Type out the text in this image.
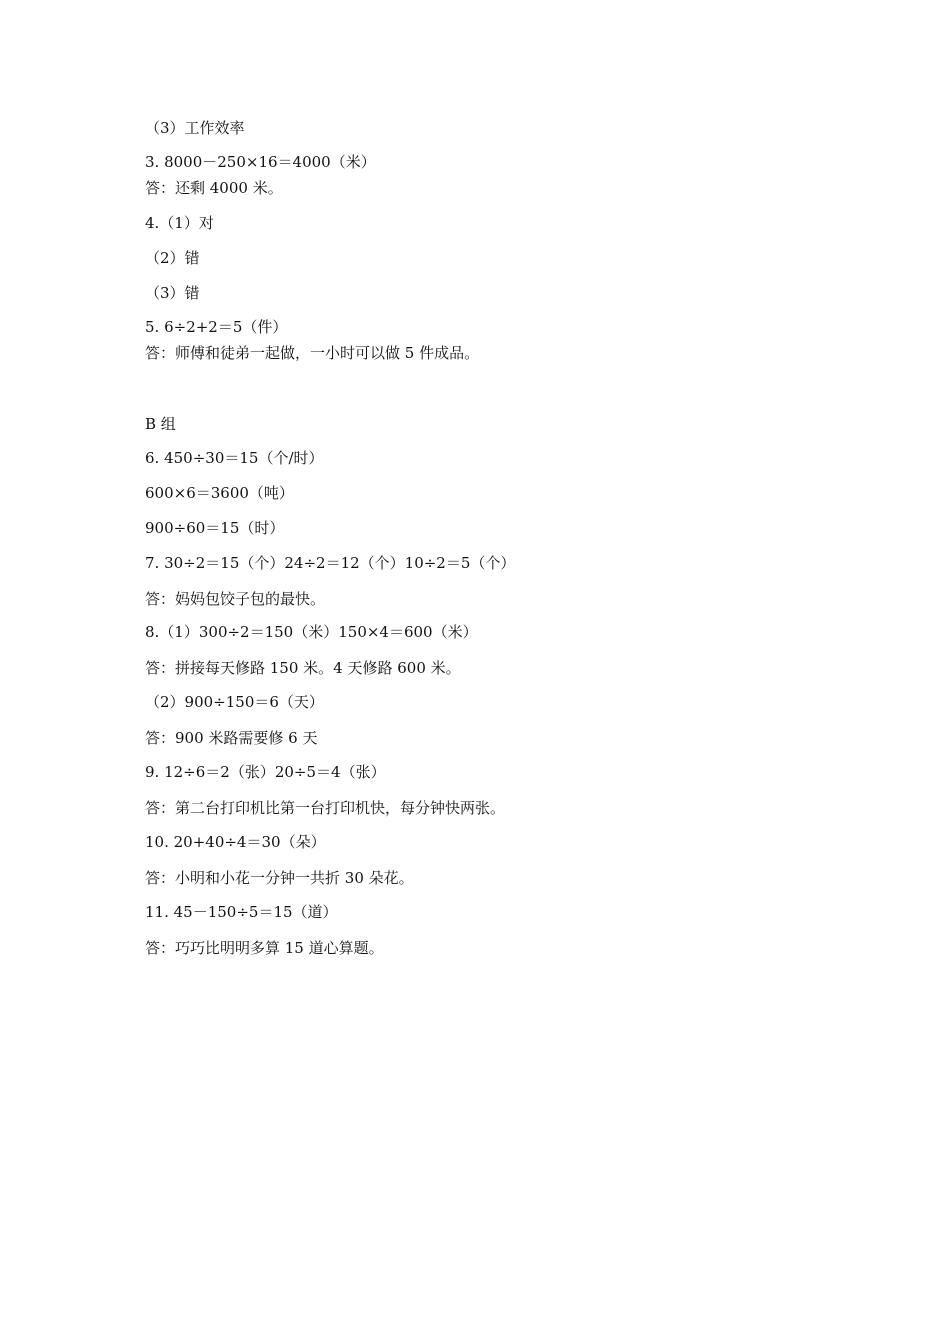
（3）工作效率
3. 8000－250×16＝4000（米）
答：还剩 4000 米。
4.（1）对
（2）错
（3）错
5. 6÷2+2＝5（件）
答：师傅和徒弟一起做，一小时可以做 5 件成品。
B 组
6. 450÷30＝15（个/时）
600×6＝3600（吨）
900÷60＝15（时）
7. 30÷2＝15（个）24÷2＝12（个）10÷2＝5（个）
答：妈妈包饺子包的最快。
8.（1）300÷2＝150（米）150×4＝600（米）
答：拼接每天修路 150 米。4 天修路 600 米。
（2）900÷150＝6（天）
答：900 米路需要修 6 天
9. 12÷6＝2（张）20÷5＝4（张）
答：第二台打印机比第一台打印机快，每分钟快两张。
10. 20+40÷4＝30（朵）
答：小明和小花一分钟一共折 30 朵花。
11. 45－150÷5＝15（道）
答：巧巧比明明多算 15 道心算题。
